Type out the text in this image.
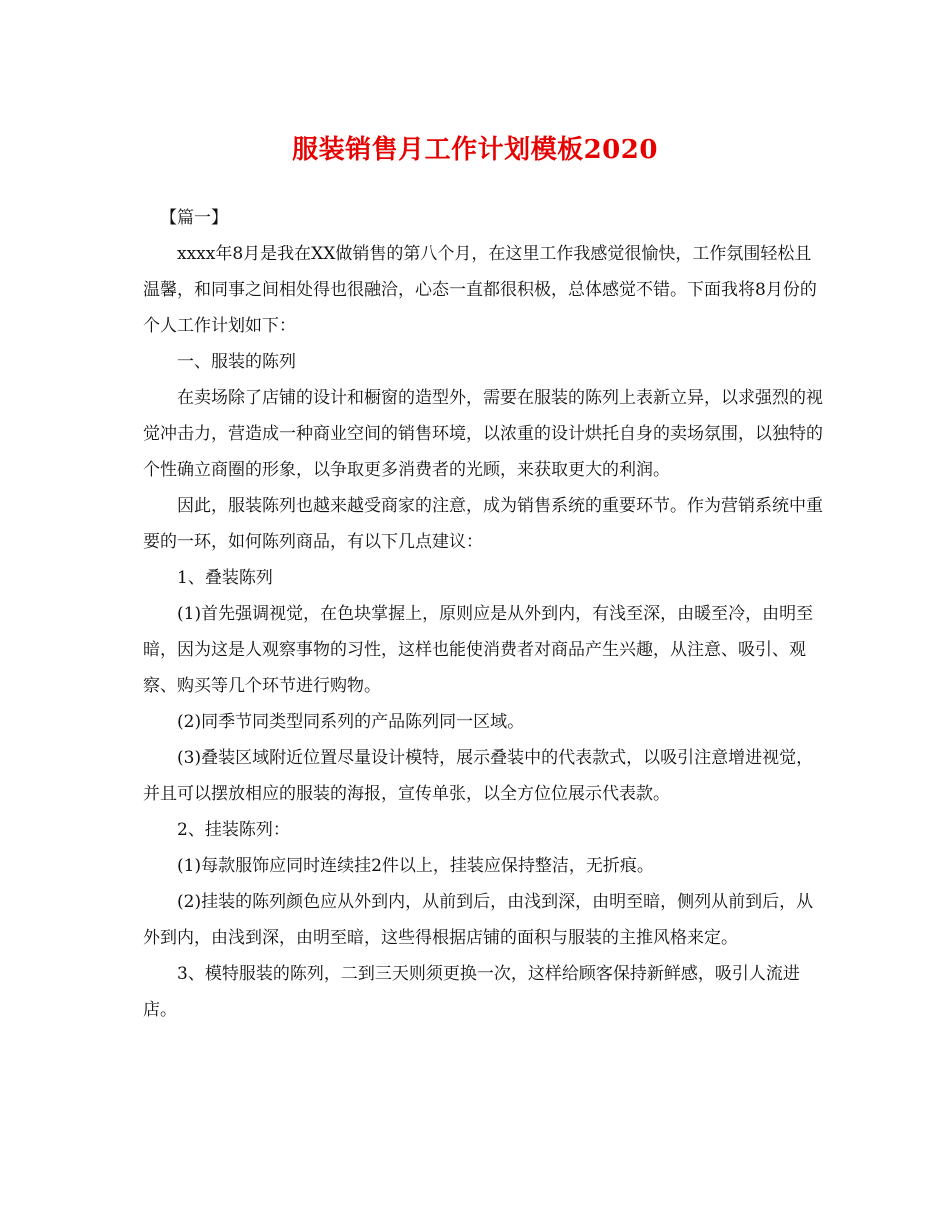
服装销售月工作计划模板2020

【篇一】

xxxx年8月是我在XX做销售的第八个月，在这里工作我感觉很愉快，工作氛围轻松且温馨，和同事之间相处得也很融洽，心态一直都很积极，总体感觉不错。下面我将8月份的个人工作计划如下：

一、服装的陈列

在卖场除了店铺的设计和橱窗的造型外，需要在服装的陈列上表新立异，以求强烈的视觉冲击力，营造成一种商业空间的销售环境，以浓重的设计烘托自身的卖场氛围，以独特的个性确立商圈的形象，以争取更多消费者的光顾，来获取更大的利润。

因此，服装陈列也越来越受商家的注意，成为销售系统的重要环节。作为营销系统中重要的一环，如何陈列商品，有以下几点建议：

1、叠装陈列

(1)首先强调视觉，在色块掌握上，原则应是从外到内，有浅至深，由暖至冷，由明至暗，因为这是人观察事物的习性，这样也能使消费者对商品产生兴趣，从注意、吸引、观察、购买等几个环节进行购物。

(2)同季节同类型同系列的产品陈列同一区域。

(3)叠装区域附近位置尽量设计模特，展示叠装中的代表款式，以吸引注意增进视觉，并且可以摆放相应的服装的海报，宣传单张，以全方位位展示代表款。

2、挂装陈列：

(1)每款服饰应同时连续挂2件以上，挂装应保持整洁，无折痕。

(2)挂装的陈列颜色应从外到内，从前到后，由浅到深，由明至暗，侧列从前到后，从外到内，由浅到深，由明至暗，这些得根据店铺的面积与服装的主推风格来定。

3、模特服装的陈列，二到三天则须更换一次，这样给顾客保持新鲜感，吸引人流进店。
